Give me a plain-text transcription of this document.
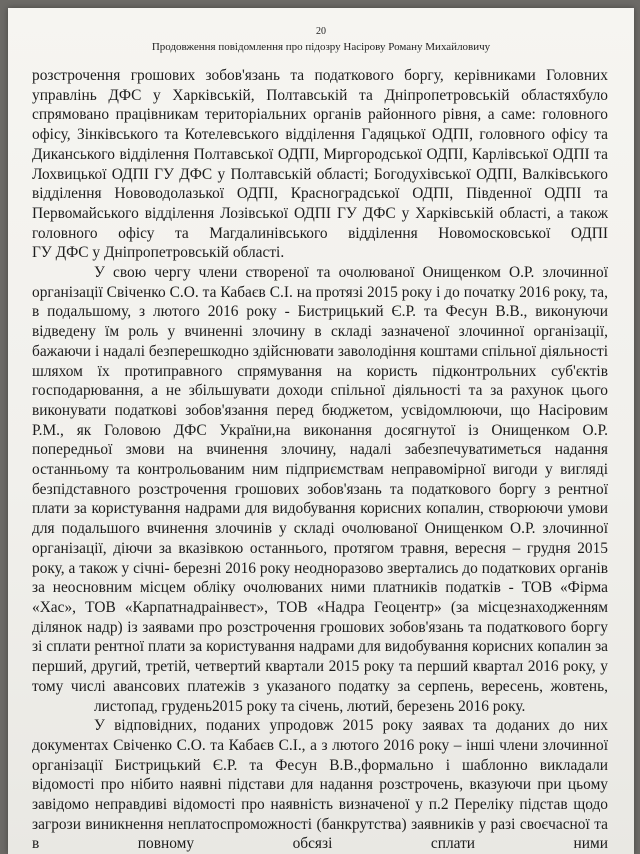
20
Продовження повідомлення про підозру Насірову Роману Михайловичу

розстрочення грошових зобов'язань та податкового боргу, керівниками Головних управлінь ДФС у Харківській, Полтавській та Дніпропетровській областяхбуло спрямовано працівникам територіальних органів районного рівня, а саме: головного офісу, Зінківського та Котелевського відділення Гадяцької ОДПІ, головного офісу та Диканського відділення Полтавської ОДПІ, Миргородської ОДПІ, Карлівської ОДПІ та Лохвицької ОДПІ ГУ ДФС у Полтавській області; Богодухівської ОДПІ, Валківського відділення Нововодолазької ОДПІ, Красноградської ОДПІ, Південної ОДПІ та Первомайського відділення Лозівської ОДПІ ГУ ДФС у Харківській області, а також головного офісу та Магдалинівського відділення Новомосковської ОДПІ
ГУ ДФС у Дніпропетровській області.

У свою чергу члени створеної та очолюваної Онищенком О.Р. злочинної організації Свіченко С.О. та Кабаєв С.І. на протязі 2015 року і до початку 2016 року, та, в подальшому, з лютого 2016 року - Бистрицький Є.Р. та Фесун В.В., виконуючи відведену їм роль у вчиненні злочину в складі зазначеної злочинної організації, бажаючи і надалі безперешкодно здійснювати заволодіння коштами спільної діяльності шляхом їх протиправного спрямування на користь підконтрольних суб'єктів господарювання, а не збільшувати доходи спільної діяльності та за рахунок цього виконувати податкові зобов'язання перед бюджетом, усвідомлюючи, що Насіровим Р.М., як Головою ДФС України,на виконання досягнутої із Онищенком О.Р. попередньої змови на вчинення злочину, надалі забезпечуватиметься надання останньому та контрольованим ним підприємствам неправомірної вигоди у вигляді безпідставного розстрочення грошових зобов'язань та податкового боргу з рентної плати за користування надрами для видобування корисних копалин, створюючи умови для подальшого вчинення злочинів у складі очолюваної Онищенком О.Р. злочинної організації, діючи за вказівкою останнього, протягом травня, вересня – грудня 2015 року, а також у січні- березні 2016 року неодноразово звертались до податкових органів за неосновним місцем обліку очолюваних ними платників податків - ТОВ «Фірма «Хас», ТОВ «Карпатнадраінвест», ТОВ «Надра Геоцентр» (за місцезнаходженням ділянок надр) із заявами про розстрочення грошових зобов'язань та податкового боргу зі сплати рентної плати за користування надрами для видобування корисних копалин за перший, другий, третій, четвертий квартали 2015 року та перший квартал 2016 року, у тому числі авансових платежів з указаного податку за серпень, вересень, жовтень,
листопад, грудень2015 року та січень, лютий, березень 2016 року.

У відповідних, поданих упродовж 2015 року заявах та доданих до них документах Свіченко С.О. та Кабаєв С.І., а з лютого 2016 року – інші члени злочинної організації Бистрицький Є.Р. та Фесун В.В.,формально і шаблонно викладали відомості про нібито наявні підстави для надання розстрочень, вказуючи при цьому завідомо неправдиві відомості про наявність визначеної у п.2 Переліку підстав щодо загрози виникнення неплатоспроможності (банкрутства) заявників у разі своєчасної та в повному обсязі сплати ними
